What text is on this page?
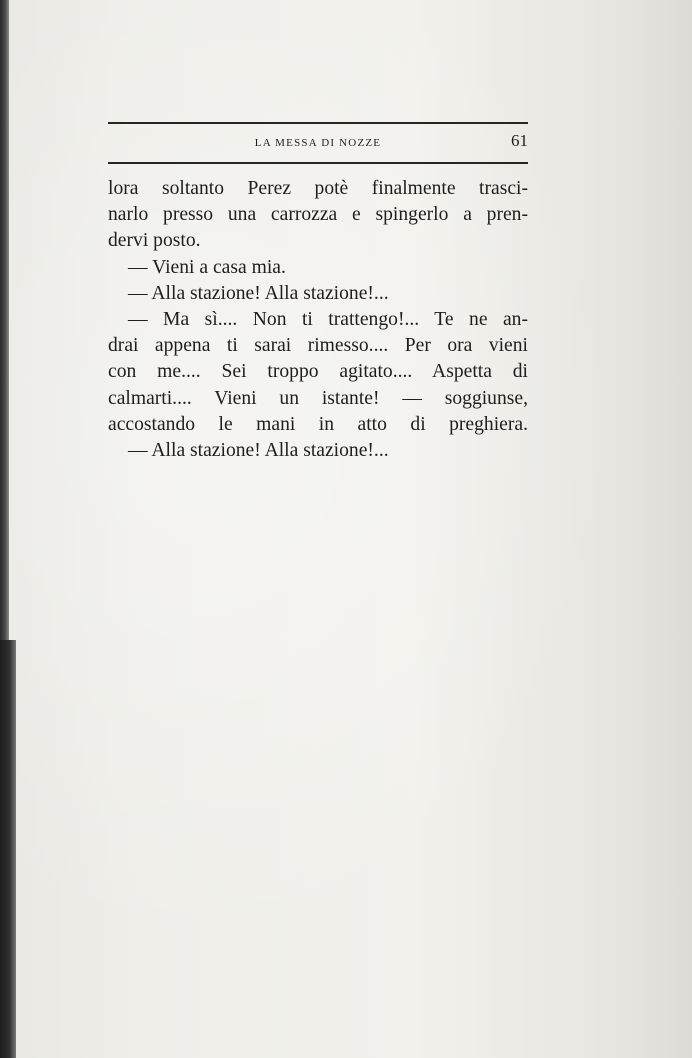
LA MESSA DI NOZZE	61
lora soltanto Perez potè finalmente trasci-
narlo presso una carrozza e spingerlo a pren-
dervi posto.
— Vieni a casa mia.
— Alla stazione! Alla stazione!...
— Ma sì.... Non ti trattengo!... Te ne an-
drai appena ti sarai rimesso.... Per ora vieni
con me.... Sei troppo agitato.... Aspetta di
calmarti.... Vieni un istante! — soggiunse,
accostando le mani in atto di preghiera.
— Alla stazione! Alla stazione!...
